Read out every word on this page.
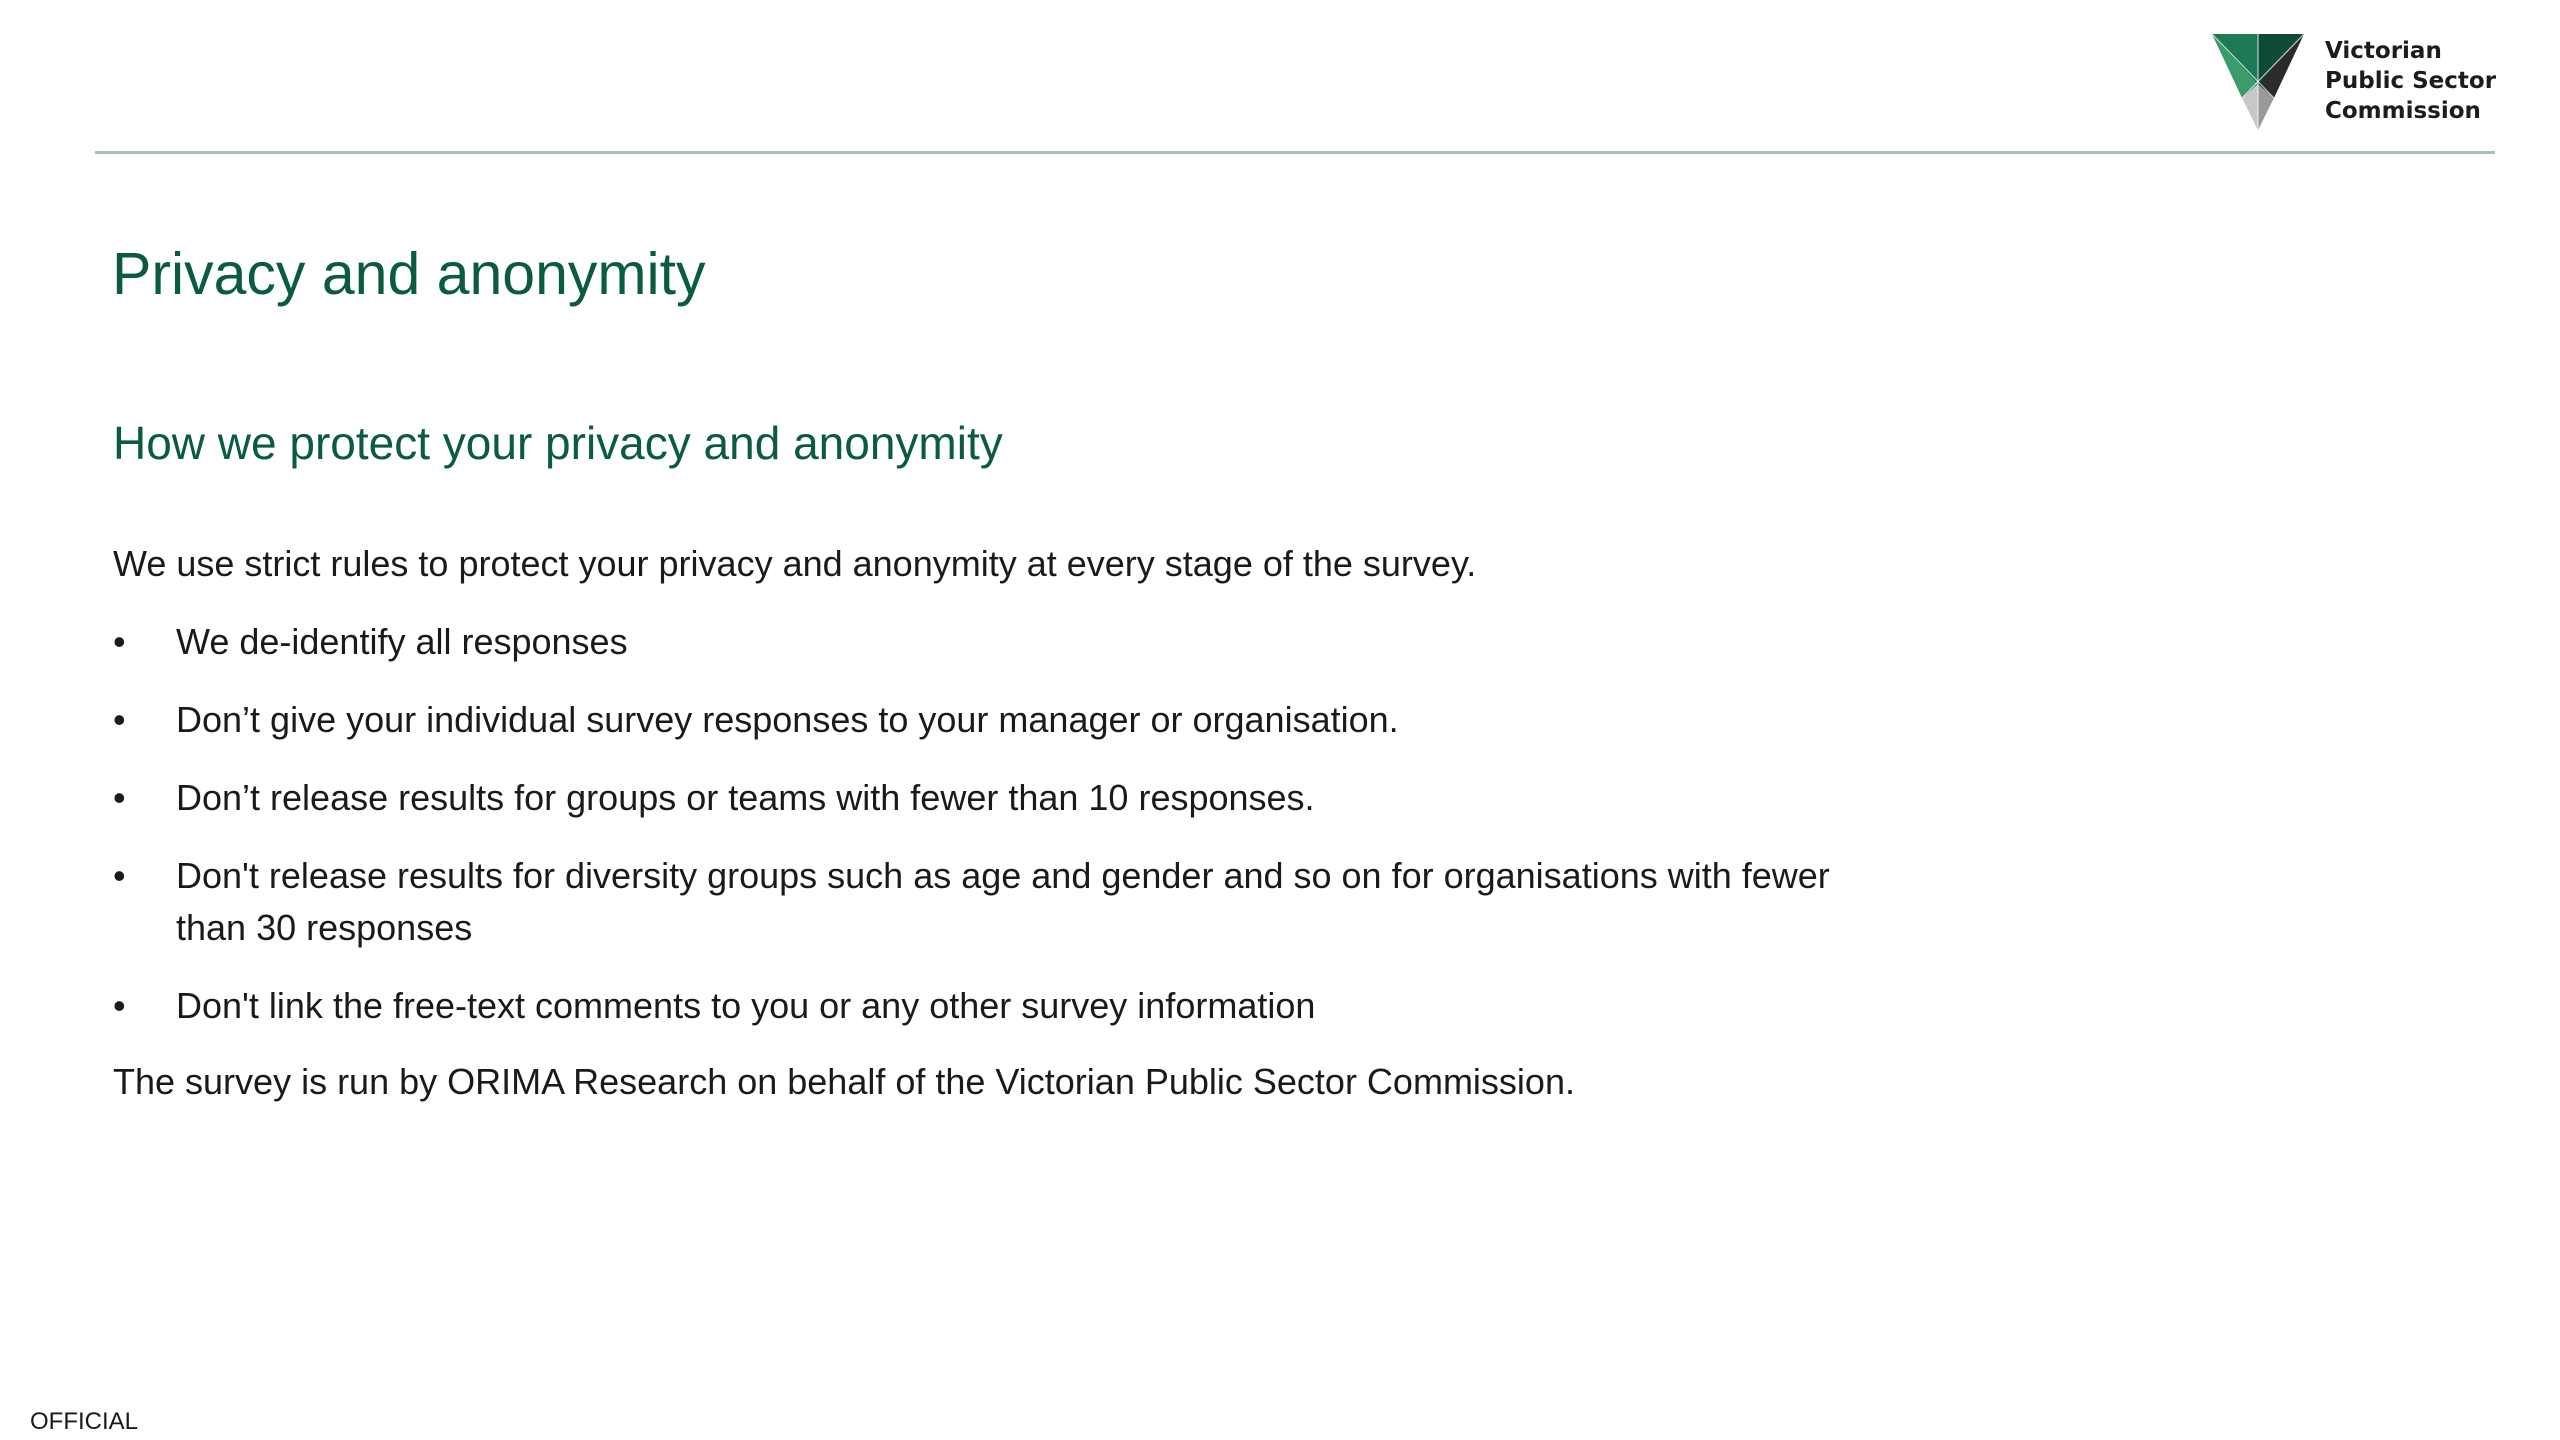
Victorian
Public Sector
Commission
Privacy and anonymity
How we protect your privacy and anonymity

We use strict rules to protect your privacy and anonymity at every stage of the survey.

•	We de-identify all responses
•	Don’t give your individual survey responses to your manager or organisation.
•	Don’t release results for groups or teams with fewer than 10 responses.
•	Don't release results for diversity groups such as age and gender and so on for organisations with fewer than 30 responses
•	Don't link the free-text comments to you or any other survey information

The survey is run by ORIMA Research on behalf of the Victorian Public Sector Commission.

OFFICIAL
